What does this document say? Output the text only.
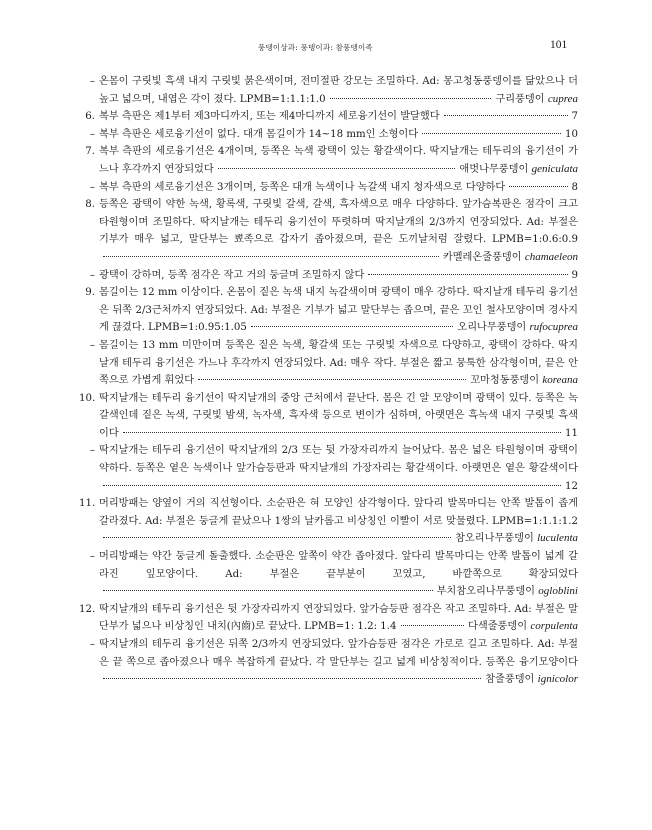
풍뎅이상과: 풍뎅이과: 참풍뎅이족	101
– 온몸이 구릿빛 흑색 내지 구릿빛 붉은색이며, 전미절판 강모는 조밀하다. Ad: 몽고청동풍뎅이를 닮았으나 더 높고 넓으며, 내엽은 각이 졌다. LPMB=1:1.1:1.0	구리풍뎅이 cuprea
6. 복부 측판은 제1부터 제3마디까지, 또는 제4마디까지 세로융기선이 발달했다	7
– 복부 측판은 세로융기선이 없다. 대개 몸길이가 14~18 mm인 소형이다	10
7. 복부 측판의 세로융기선은 4개이며, 등쪽은 녹색 광택이 있는 황갈색이다. 딱지날개는 테두리의 융기선이 가느나 후각까지 연장되었다	애벗나무풍뎅이 geniculata
– 복부 측판의 세로융기선은 3개이며, 등쪽은 대개 녹색이나 녹갈색 내지 청자색으로 다양하다	8
8. 등쪽은 광택이 약한 녹색, 황록색, 구릿빛 갈색, 갈색, 흑자색으로 매우 다양하다. 앞가슴복판은 점각이 크고 타원형이며 조밀하다. 딱지날개는 테두리 융기선이 뚜렷하며 딱지날개의 2/3까지 연장되었다. Ad: 부절은 기부가 매우 넓고, 말단부는 뾰족으로 갑자기 좁아졌으며, 끝은 도끼날처럼 잘렸다. LPMB=1:0.6:0.9
카멜레온줄풍뎅이 chamaeleon
– 광택이 강하며, 등쪽 점각은 작고 거의 둥글며 조밀하지 않다	9
9. 몸길이는 12 mm 이상이다. 온몸이 짙은 녹색 내지 녹갈색이며 광택이 매우 강하다. 딱지날개 테두리 융기선은 뒤쪽 2/3근처까지 연장되었다. Ad: 부절은 기부가 넓고 말단부는 좁으며, 끝은 꼬인 철사모양이며 경사지게 끊겼다. LPMB=1:0.95:1.05	오리나무풍뎅이 rufocuprea
– 몸길이는 13 mm 미만이며 등쪽은 짙은 녹색, 황갈색 또는 구릿빛 자색으로 다양하고, 광택이 강하다. 딱지날개 테두리 융기선은 가느나 후각까지 연장되었다. Ad: 매우 작다. 부절은 짧고 뭉툭한 삼각형이며, 끝은 안쪽으로 가볍게 휘었다	꼬마청동풍뎅이 koreana
10. 딱지날개는 테두리 융기선이 딱지날개의 중앙 근처에서 끝난다. 몸은 긴 알 모양이며 광택이 있다. 등쪽은 녹갈색인데 짙은 녹색, 구릿빛 밤색, 녹자색, 흑자색 등으로 변이가 심하며, 아랫면은 흑녹색 내지 구릿빛 흑색이다	11
– 딱지날개는 테두리 융기선이 딱지날개의 2/3 또는 뒷 가장자리까지 늘어났다. 몸은 넓은 타원형이며 광택이 약하다. 등쪽은 옅은 녹색이나 앞가슴등판과 딱지날개의 가장자리는 황갈색이다. 아랫면은 옅은 황갈색이다
12
11. 머리방패는 양옆이 거의 직선형이다. 소순판은 혀 모양인 삼각형이다. 앞다리 발목마디는 안쪽 발톱이 좁게 갈라졌다. Ad: 부절은 둥글게 끝났으나 1쌍의 날카롭고 비상칭인 이빨이 서로 맞물렸다. LPMB=1:1.1:1.2
참오리나무풍뎅이 luculenta
– 머리방패는 약간 둥글게 돌출했다. 소순판은 앞쪽이 약간 좁아졌다. 앞다리 발목마디는 안쪽 발톱이 넓게 갈라진 잎모양이다. Ad: 부절은 끝부분이 꼬였고, 바깥쪽으로 확장되었다
부치참오리나무풍뎅이 ogloblini
12. 딱지날개의 테두리 융기선은 뒷 가장자리까지 연장되었다. 앞가슴등판 점각은 작고 조밀하다. Ad: 부절은 말단부가 넓으나 비상칭인 내치(內齒)로 끝났다. LPMB=1: 1.2: 1.4	다색줄풍뎅이 corpulenta
– 딱지날개의 테두리 융기선은 뒤쪽 2/3까지 연장되었다. 앞가슴등판 점각은 가로로 길고 조밀하다. Ad: 부절은 끝 쪽으로 좁아졌으나 매우 복잡하게 끝났다. 각 말단부는 길고 넓게 비상칭적이다. 등쪽은 융기모양이다
참줄풍뎅이 ignicolor
